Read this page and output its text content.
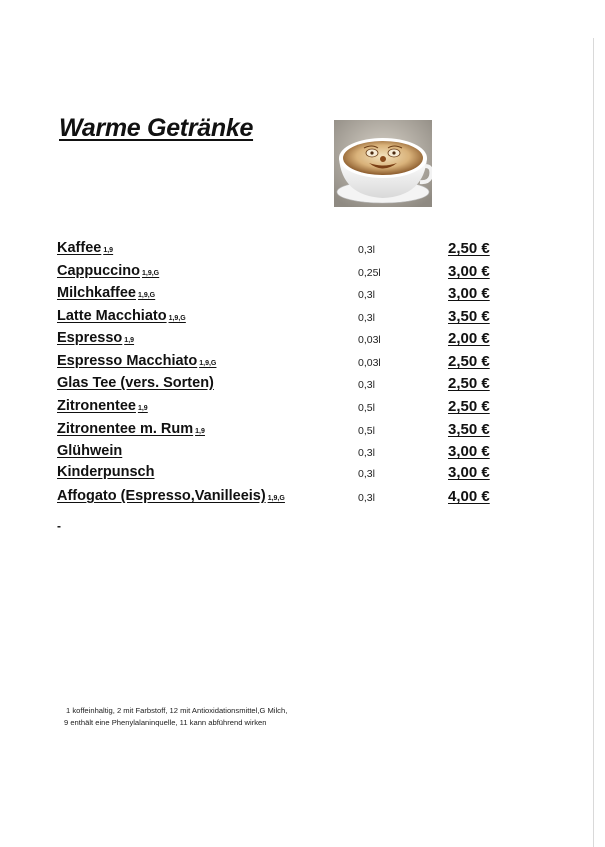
Warme Getränke
Kaffee 1,9	0,3l	2,50 €
Cappuccino 1,9,G	0,25l	3,00 €
Milchkaffee 1,9,G	0,3l	3,00 €
Latte Macchiato 1,9,G	0,3l	3,50 €
Espresso 1,9	0,03l	2,00 €
Espresso Macchiato 1,9,G	0,03l	2,50 €
Glas Tee (vers. Sorten)	0,3l	2,50 €
Zitronentee 1,9	0,5l	2,50 €
Zitronentee m. Rum 1,9	0,5l	3,50 €
Glühwein	0,3l	3,00 €
Kinderpunsch	0,3l	3,00 €
Affogato (Espresso,Vanilleeis) 1,9,G	0,3l	4,00 €
-
1 koffeinhaltig, 2 mit Farbstoff, 12 mit Antioxidationsmittel,G Milch,
9 enthält eine Phenylalaninquelle, 11 kann abführend wirken
